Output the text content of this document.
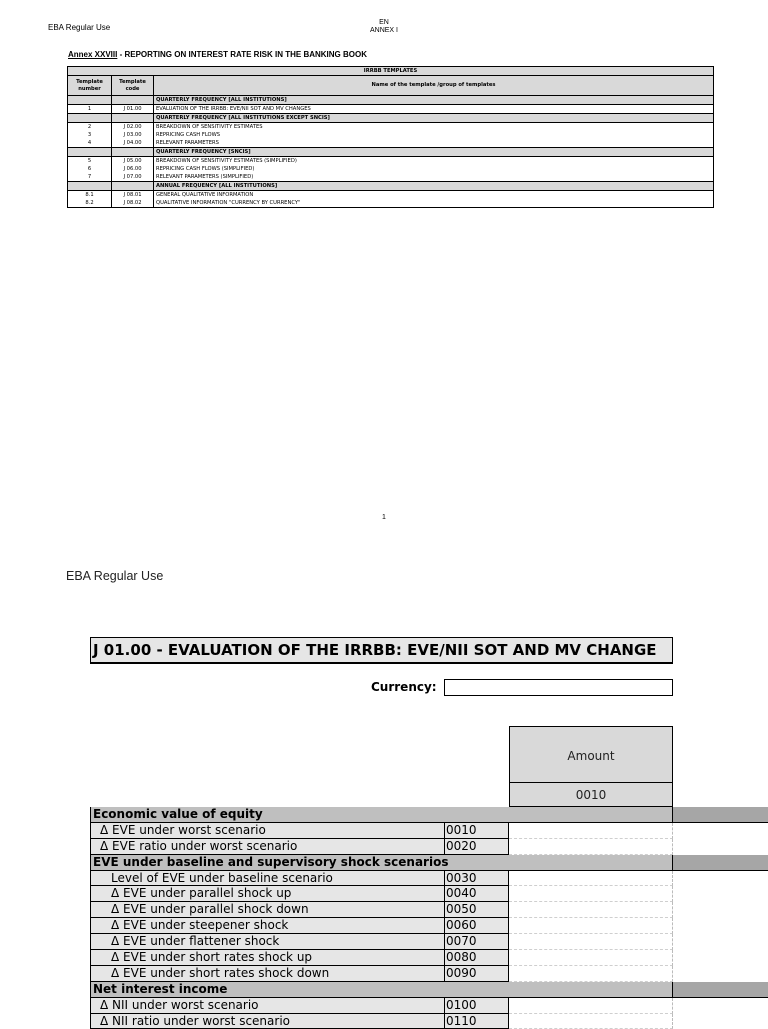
EBA Regular Use
EN
ANNEX I
Annex XXVIII - REPORTING ON INTEREST RATE RISK IN THE BANKING BOOK
IRRBB TEMPLATES		
Template number	Template code	Name of the template /group of templates
		QUARTERLY FREQUENCY [ALL INSTITUTIONS]
1	J 01.00	EVALUATION OF THE IRRBB: EVE/NII SOT AND MV CHANGES
		QUARTERLY FREQUENCY [ALL INSTITUTIONS EXCEPT SNCIS]
2	J 02.00	BREAKDOWN OF SENSITIVITY ESTIMATES
3	J 03.00	REPRICING CASH FLOWS
4	J 04.00	RELEVANT PARAMETERS
		QUARTERLY FREQUENCY [SNCIS]
5	J 05.00	BREAKDOWN OF SENSITIVITY ESTIMATES (SIMPLIFIED)
6	J 06.00	REPRICING CASH FLOWS (SIMPLIFIED)
7	J 07.00	RELEVANT PARAMETERS (SIMPLIFIED)
		ANNUAL FREQUENCY [ALL INSTITUTIONS]
8.1	J 08.01	GENERAL QUALITATIVE INFORMATION
8.2	J 08.02	QUALITATIVE INFORMATION "CURRENCY BY CURRENCY"
1
EBA Regular Use
J 01.00 - EVALUATION OF THE IRRBB: EVE/NII SOT AND MV CHANGE
Currency:
Amount
0010
Economic value of equity
Δ EVE under worst scenario	0010
Δ EVE ratio under worst scenario	0020
EVE under baseline and supervisory shock scenarios
Level of EVE under baseline scenario	0030
Δ EVE under parallel shock up	0040
Δ EVE under parallel shock down	0050
Δ EVE under steepener shock	0060
Δ EVE under flattener shock	0070
Δ EVE under short rates shock up	0080
Δ EVE under short rates shock down	0090
Net interest income
Δ NII under worst scenario	0100
Δ NII ratio under worst scenario	0110
